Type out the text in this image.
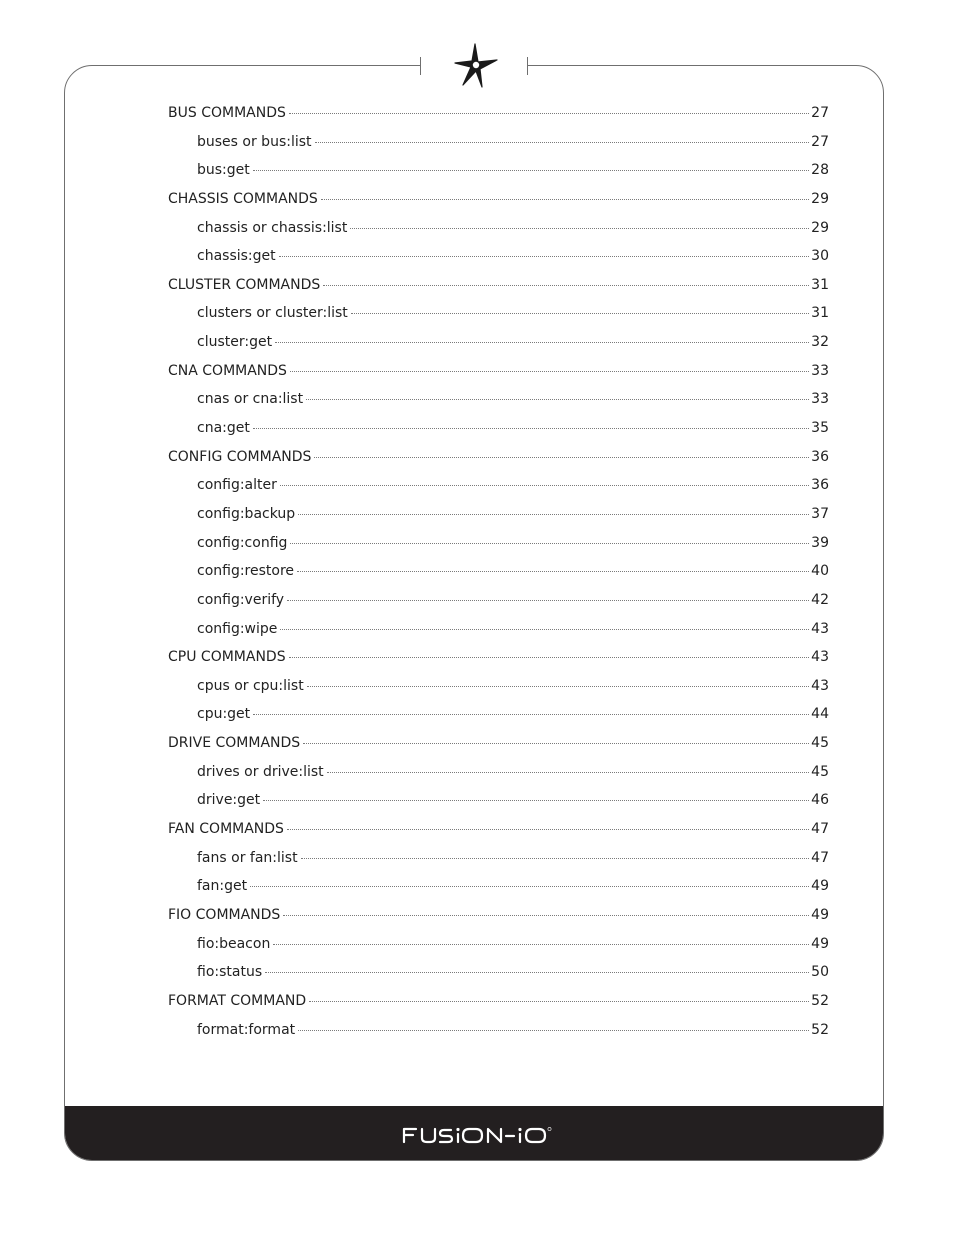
BUS COMMANDS	27
buses or bus:list	27
bus:get	28
CHASSIS COMMANDS	29
chassis or chassis:list	29
chassis:get	30
CLUSTER COMMANDS	31
clusters or cluster:list	31
cluster:get	32
CNA COMMANDS	33
cnas or cna:list	33
cna:get	35
CONFIG COMMANDS	36
config:alter	36
config:backup	37
config:config	39
config:restore	40
config:verify	42
config:wipe	43
CPU COMMANDS	43
cpus or cpu:list	43
cpu:get	44
DRIVE COMMANDS	45
drives or drive:list	45
drive:get	46
FAN COMMANDS	47
fans or fan:list	47
fan:get	49
FIO COMMANDS	49
fio:beacon	49
fio:status	50
FORMAT COMMAND	52
format:format	52
